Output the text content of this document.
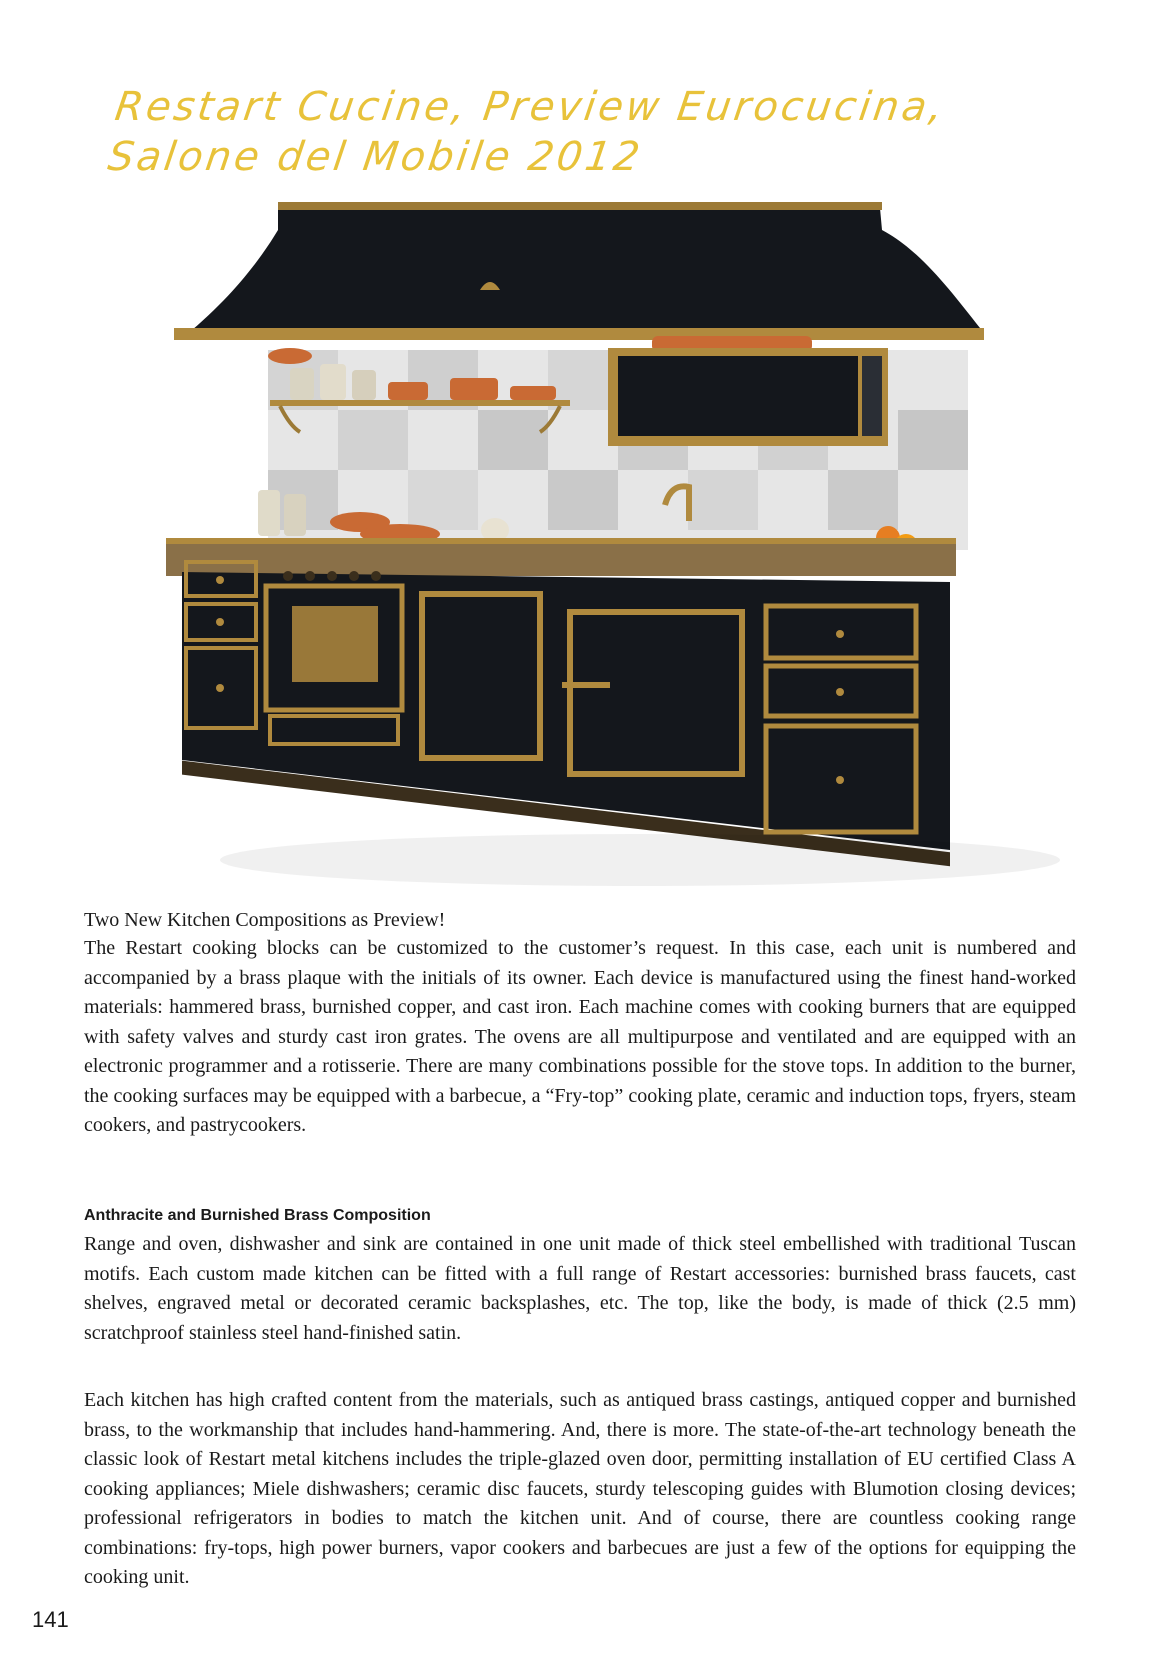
Restart Cucine, Preview Eurocucina,
Salone del Mobile 2012
Two New Kitchen Compositions as Preview!
The Restart cooking blocks can be customized to the customer’s request. In this case, each unit is numbered and accompanied by a brass plaque with the initials of its owner. Each device is manufactured using the finest hand-worked materials: hammered brass, burnished copper, and cast iron. Each machine comes with cooking burners that are equipped with safety valves and sturdy cast iron grates. The ovens are all multipurpose and ventilated and are equipped with an electronic programmer and a rotisserie. There are many combinations possible for the stove tops. In addition to the burner, the cooking surfaces may be equipped with a barbecue, a “Fry-top” cooking plate, ceramic and induction tops, fryers, steam cookers, and pastrycookers.
Anthracite and Burnished Brass Composition
Range and oven, dishwasher and sink are contained in one unit made of thick steel embellished with traditional Tuscan motifs. Each custom made kitchen can be fitted with a full range of Restart accessories: burnished brass faucets, cast shelves, engraved metal or decorated ceramic backsplashes, etc. The top, like the body, is made of thick (2.5 mm) scratchproof stainless steel hand-finished satin.
Each kitchen has high crafted content from the materials, such as antiqued brass castings, antiqued copper and burnished brass, to the workmanship that includes hand-hammering. And, there is more. The state-of-the-art technology beneath the classic look of Restart metal kitchens includes the triple-glazed oven door, permitting installation of EU certified Class A cooking appliances; Miele dishwashers; ceramic disc faucets, sturdy telescoping guides with Blumotion closing devices; professional refrigerators in bodies to match the kitchen unit. And of course, there are countless cooking range combinations: fry-tops, high power burners, vapor cookers and barbecues are just a few of the options for equipping the cooking unit.
141
